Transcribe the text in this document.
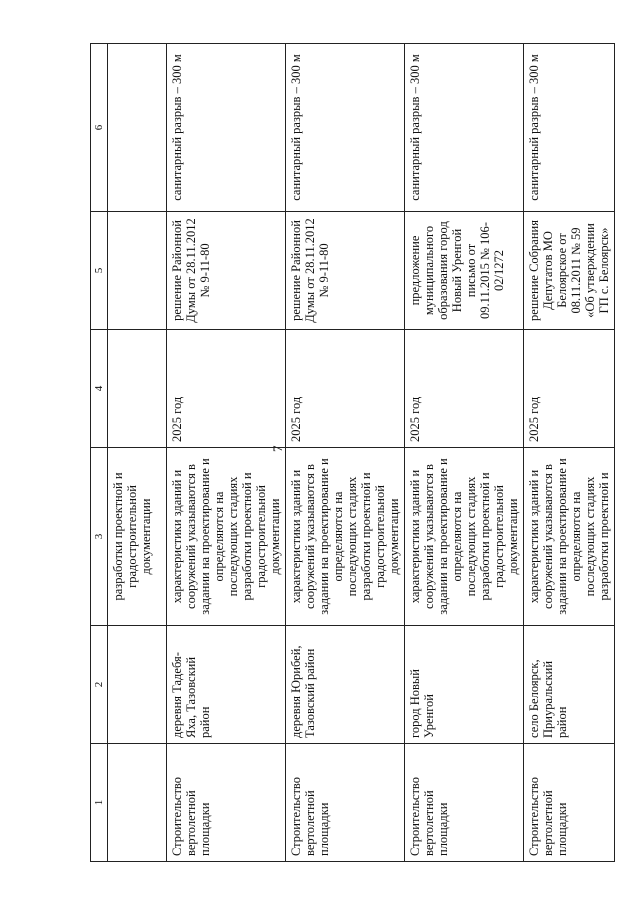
7
1	2	3	4	5	6
		разработки проектной и градостроительной документации			
Строительство вертолетной площадки	деревня Тадебя-Яха, Тазовский район	характеристики зданий и сооружений указываются в задании на проектирование и определяются на последующих стадиях разработки проектной и градостроительной документации	2025 год	решение Районной Думы от 28.11.2012 № 9-11-80	санитарный разрыв – 300 м
Строительство вертолетной площадки	деревня Юрибей, Тазовский район	характеристики зданий и сооружений указываются в задании на проектирование и определяются на последующих стадиях разработки проектной и градостроительной документации	2025 год	решение Районной Думы от 28.11.2012 № 9-11-80	санитарный разрыв – 300 м
Строительство вертолетной площадки	город Новый Уренгой	характеристики зданий и сооружений указываются в задании на проектирование и определяются на последующих стадиях разработки проектной и градостроительной документации	2025 год	предложение муниципального образования город Новый Уренгой письмо от 09.11.2015 № 106-02/1272	санитарный разрыв – 300 м
Строительство вертолетной площадки	село Белоярск, Приуральский район	характеристики зданий и сооружений указываются в задании на проектирование и определяются на последующих стадиях разработки проектной и	2025 год	решение Собрания Депутатов МО Белоярское от 08.11.2011 № 59 «Об утверждении ГП с. Белоярск»	санитарный разрыв – 300 м
